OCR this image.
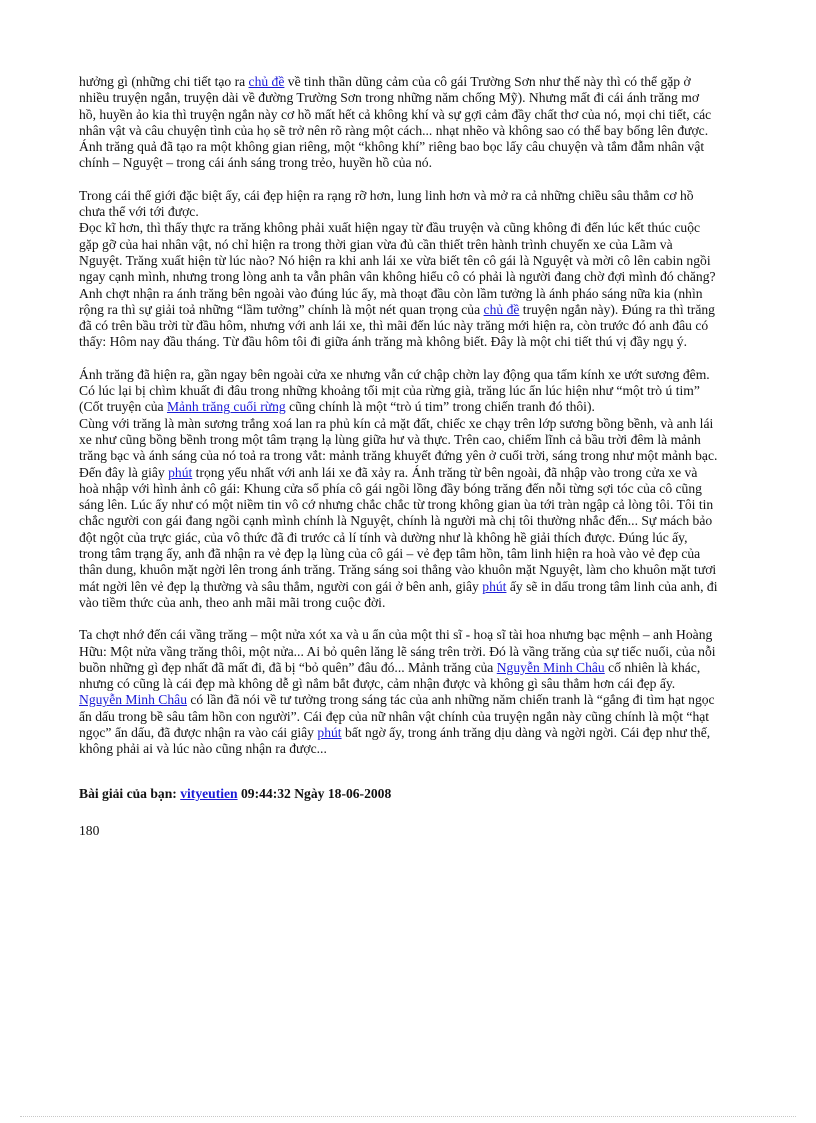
hưởng gì (những chi tiết tạo ra chủ đề về tinh thần dũng cảm của cô gái Trường Sơn như thế này thì có thể gặp ở nhiều truyện ngắn, truyện dài về đường Trường Sơn trong những năm chống Mỹ). Nhưng mất đi cái ánh trăng mơ hồ, huyền ảo kia thì truyện ngắn này cơ hồ mất hết cả không khí và sự gợi cảm đầy chất thơ của nó, mọi chi tiết, các nhân vật và câu chuyện tình của họ sẽ trở nên rõ ràng một cách... nhạt nhẽo và không sao có thể bay bổng lên được. Ánh trăng quả đã tạo ra một không gian riêng, một “không khí” riêng bao bọc lấy câu chuyện và tắm đẫm nhân vật chính – Nguyệt – trong cái ánh sáng trong trẻo, huyền hồ của nó.

Trong cái thế giới đặc biệt ấy, cái đẹp hiện ra rạng rỡ hơn, lung linh hơn và mở ra cả những chiều sâu thẳm cơ hồ chưa thể với tới được.

Đọc kĩ hơn, thì thấy thực ra trăng không phải xuất hiện ngay từ đầu truyện và cũng không đi đến lúc kết thúc cuộc gặp gỡ của hai nhân vật, nó chỉ hiện ra trong thời gian vừa đủ cần thiết trên hành trình chuyến xe của Lãm và Nguyệt. Trăng xuất hiện từ lúc nào? Nó hiện ra khi anh lái xe vừa biết tên cô gái là Nguyệt và mời cô lên cabin ngồi ngay cạnh mình, nhưng trong lòng anh ta vẫn phân vân không hiểu cô có phải là người đang chờ đợi mình đó chăng? Anh chợt nhận ra ánh trăng bên ngoài vào đúng lúc ấy, mà thoạt đầu còn lầm tưởng là ánh pháo sáng nữa kia (nhìn rộng ra thì sự giải toả những “lầm tưởng” chính là một nét quan trọng của chủ đề truyện ngắn này). Đúng ra thì trăng đã có trên bầu trời từ đầu hôm, nhưng với anh lái xe, thì mãi đến lúc này trăng mới hiện ra, còn trước đó anh đâu có thấy: Hôm nay đầu tháng. Từ đầu hôm tôi đi giữa ánh trăng mà không biết. Đây là một chi tiết thú vị đầy ngụ ý.

Ánh trăng đã hiện ra, gần ngay bên ngoài cửa xe nhưng vẫn cứ chập chờn lay động qua tấm kính xe ướt sương đêm. Có lúc lại bị chìm khuất đi đâu trong những khoảng tối mịt của rừng già, trăng lúc ẩn lúc hiện như “một trò ú tim” (Cốt truyện của Mảnh trăng cuối rừng cũng chính là một “trò ú tim” trong chiến tranh đó thôi).

Cùng với trăng là màn sương trắng xoá lan ra phủ kín cả mặt đất, chiếc xe chạy trên lớp sương bồng bềnh, và anh lái xe như cũng bồng bềnh trong một tâm trạng lạ lùng giữa hư và thực. Trên cao, chiếm lĩnh cả bầu trời đêm là mảnh trăng bạc và ánh sáng của nó toả ra trong vắt: mảnh trăng khuyết đứng yên ở cuối trời, sáng trong như một mảnh bạc. Đến đây là giây phút trọng yếu nhất với anh lái xe đã xảy ra. Ánh trăng từ bên ngoài, đã nhập vào trong cửa xe và hoà nhập với hình ảnh cô gái: Khung cửa sổ phía cô gái ngồi lồng đầy bóng trăng đến nỗi từng sợi tóc của cô cũng sáng lên. Lúc ấy như có một niềm tin vô cớ nhưng chắc chắc từ trong không gian ùa tới tràn ngập cả lòng tôi. Tôi tin chắc người con gái đang ngồi cạnh mình chính là Nguyệt, chính là người mà chị tôi thường nhắc đến... Sự mách bảo đột ngột của trực giác, của vô thức đã đi trước cả lí tính và dường như là không hề giải thích được. Đúng lúc ấy, trong tâm trạng ấy, anh đã nhận ra vẻ đẹp lạ lùng của cô gái – vẻ đẹp tâm hồn, tâm linh hiện ra hoà vào vẻ đẹp của thân dung, khuôn mặt ngời lên trong ánh trăng. Trăng sáng soi thẳng vào khuôn mặt Nguyệt, làm cho khuôn mặt tươi mát ngời lên vẻ đẹp lạ thường và sâu thẳm, người con gái ở bên anh, giây phút ấy sẽ in dấu trong tâm linh của anh, đi vào tiềm thức của anh, theo anh mãi mãi trong cuộc đời.

Ta chợt nhớ đến cái vầng trăng – một nửa xót xa và u ẩn của một thi sĩ - hoạ sĩ tài hoa nhưng bạc mệnh – anh Hoàng Hữu: Một nửa vầng trăng thôi, một nửa... Ai bỏ quên lăng lẽ sáng trên trời. Đó là vầng trăng của sự tiếc nuối, của nỗi buồn những gì đẹp nhất đã mất đi, đã bị “bỏ quên” đâu đó... Mảnh trăng của Nguyễn Minh Châu cố nhiên là khác, nhưng có cũng là cái đẹp mà không dễ gì nắm bắt được, cảm nhận được và không gì sâu thẳm hơn cái đẹp ấy. Nguyễn Minh Châu có lần đã nói về tư tưởng trong sáng tác của anh những năm chiến tranh là “gắng đi tìm hạt ngọc ẩn dấu trong bề sâu tâm hồn con người”. Cái đẹp của nữ nhân vật chính của truyện ngắn này cũng chính là một “hạt ngọc” ẩn dấu, đã được nhận ra vào cái giây phút bất ngờ ấy, trong ánh trăng dịu dàng và ngời ngời. Cái đẹp như thế, không phải ai và lúc nào cũng nhận ra được...

Bài giải của bạn: vityeutien 09:44:32 Ngày 18-06-2008
180
